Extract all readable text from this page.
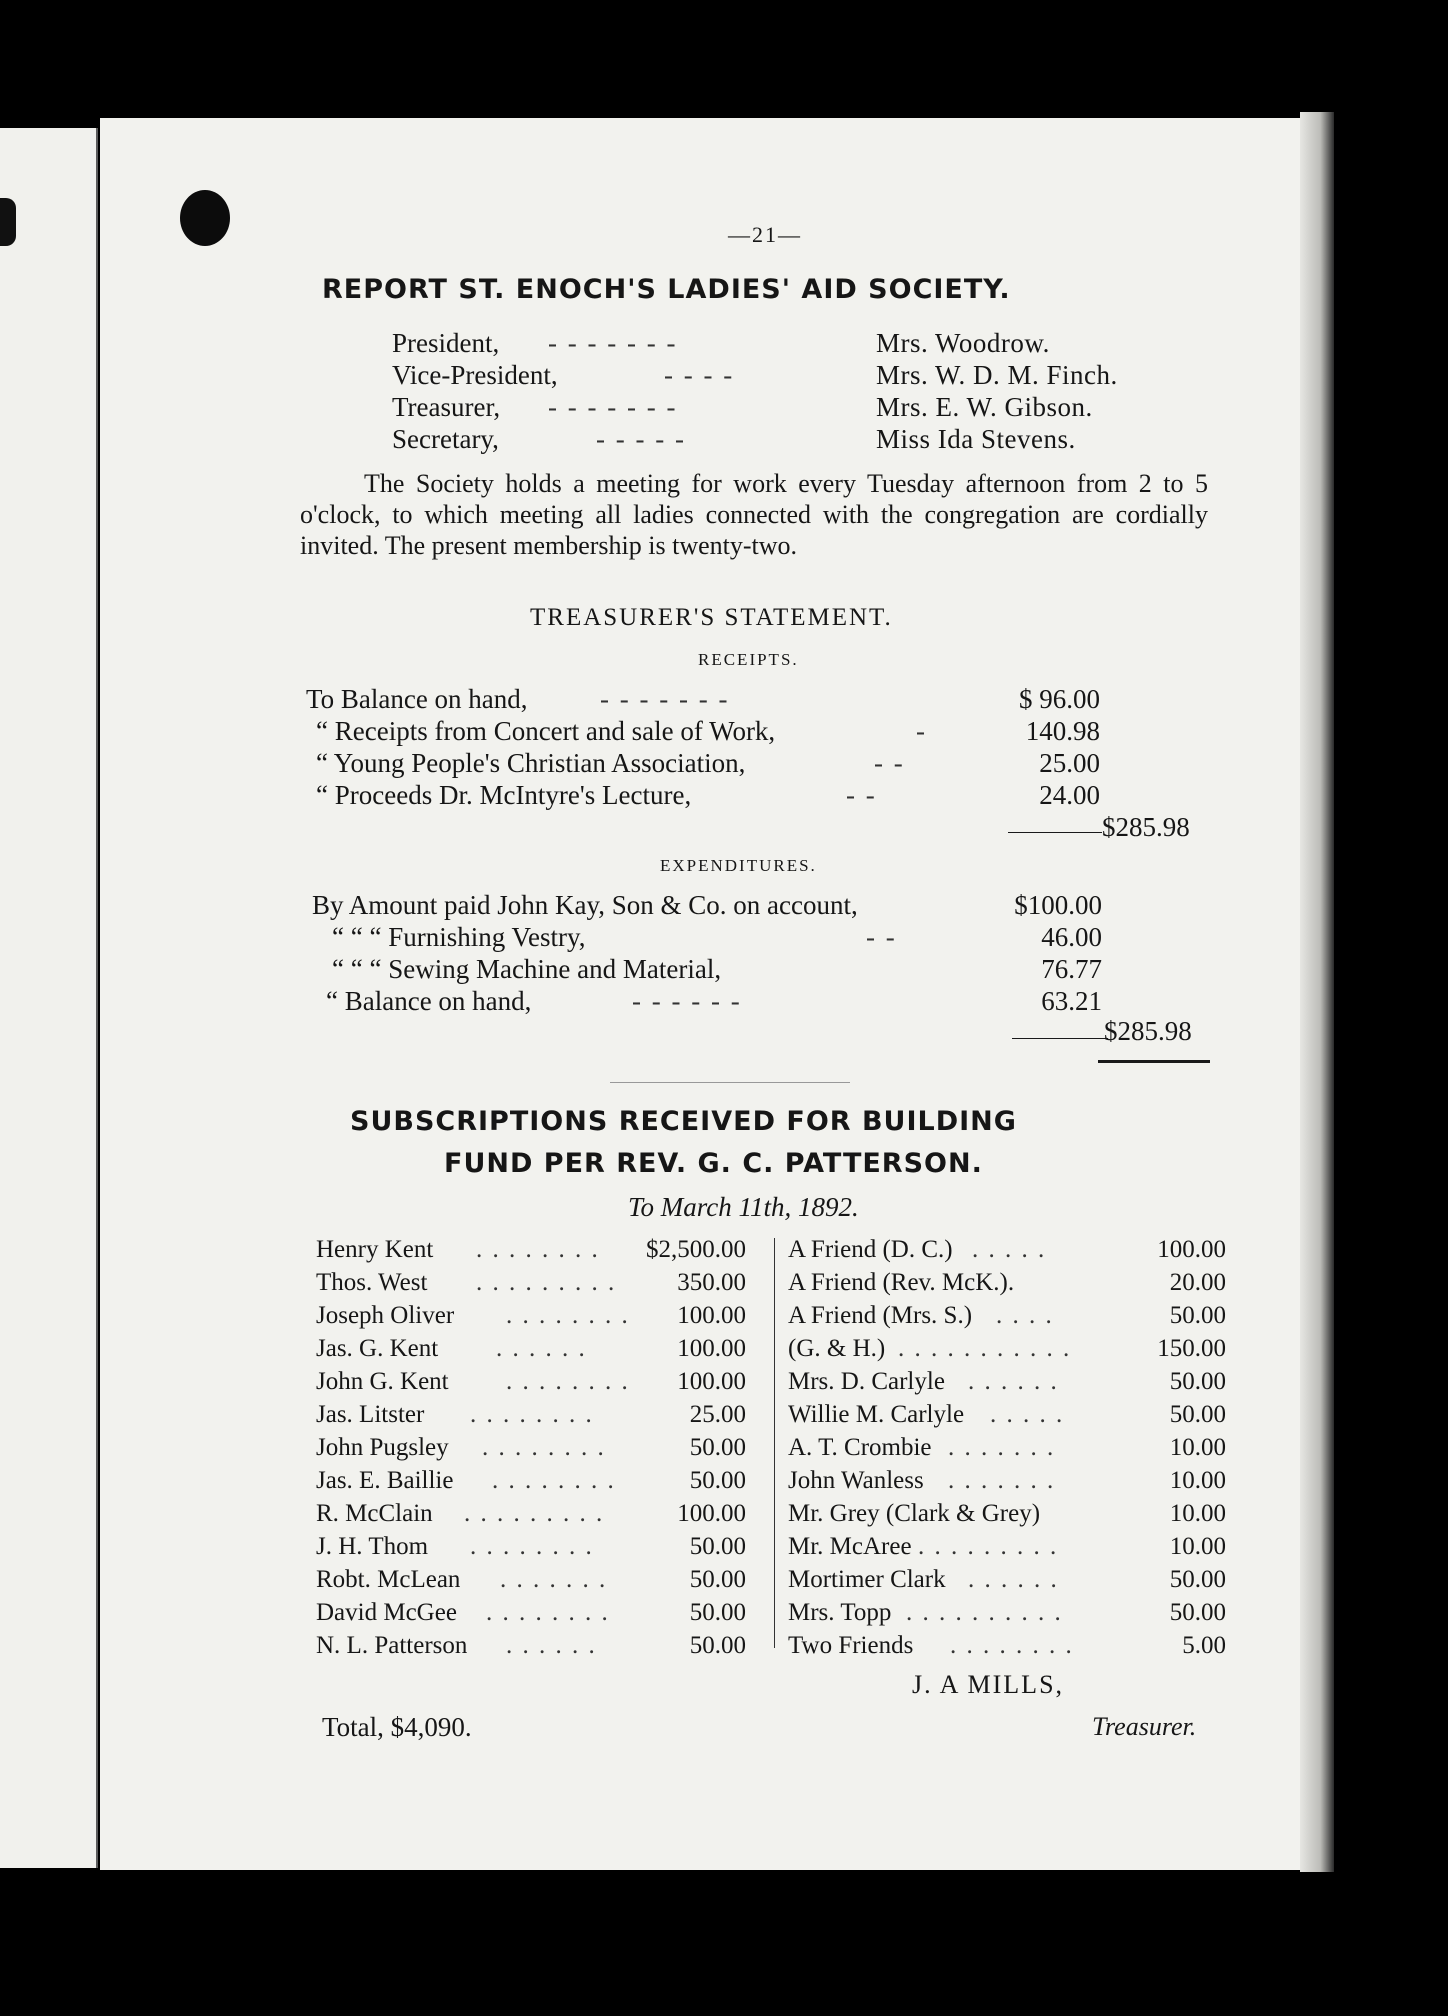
—21—
REPORT ST. ENOCH'S LADIES' AID SOCIETY.
President, - - - - - - -	Mrs. Woodrow.
Vice-President,	- - - -	Mrs. W. D. M. Finch.
Treasurer, - - - - - - -	Mrs. E. W. Gibson.
Secretary,	- - - - -	Miss Ida Stevens.
The Society holds a meeting for work every Tuesday afternoon from 2 to 5 o'clock, to which meeting all ladies connected with the congregation are cordially invited. The present membership is twenty-two.
TREASURER'S STATEMENT.
RECEIPTS.
To Balance on hand,	- - - - - - -	$ 96.00
“ Receipts from Concert and sale of Work,	-	140.98
“ Young People's Christian Association,	- -	25.00
“ Proceeds Dr. McIntyre's Lecture,	- -	24.00
$285.98
EXPENDITURES.
By Amount paid John Kay, Son & Co. on account,	$100.00
“ “ “ Furnishing Vestry,	- -	46.00
“ “ “ Sewing Machine and Material,	76.77
“ Balance on hand,	- - - - - -	63.21
$285.98
SUBSCRIPTIONS RECEIVED FOR BUILDING
FUND PER REV. G. C. PATTERSON.
To March 11th, 1892.
Henry Kent . . . . . . . .	$2,500.00
Thos. West . . . . . . . . .	350.00
Joseph Oliver . . . . . . . .	100.00
Jas. G. Kent . . . . . .	100.00
John G. Kent . . . . . . . .	100.00
Jas. Litster . . . . . . . .	25.00
John Pugsley . . . . . . . .	50.00
Jas. E. Baillie . . . . . . . .	50.00
R. McClain . . . . . . . . .	100.00
J. H. Thom . . . . . . . .	50.00
Robt. McLean . . . . . . .	50.00
David McGee . . . . . . . .	50.00
N. L. Patterson . . . . . .	50.00
A Friend (D. C.) . . . . .	100.00
A Friend (Rev. McK.).	20.00
A Friend (Mrs. S.) . . . .	50.00
(G. & H.) . . . . . . . . . . .	150.00
Mrs. D. Carlyle . . . . . .	50.00
Willie M. Carlyle . . . . .	50.00
A. T. Crombie . . . . . . .	10.00
John Wanless . . . . . . .	10.00
Mr. Grey (Clark & Grey)	10.00
Mr. McAree . . . . . . . . .	10.00
Mortimer Clark . . . . . .	50.00
Mrs. Topp . . . . . . . . . .	50.00
Two Friends . . . . . . . .	5.00
J. A MILLS,
Treasurer.
Total, $4,090.
